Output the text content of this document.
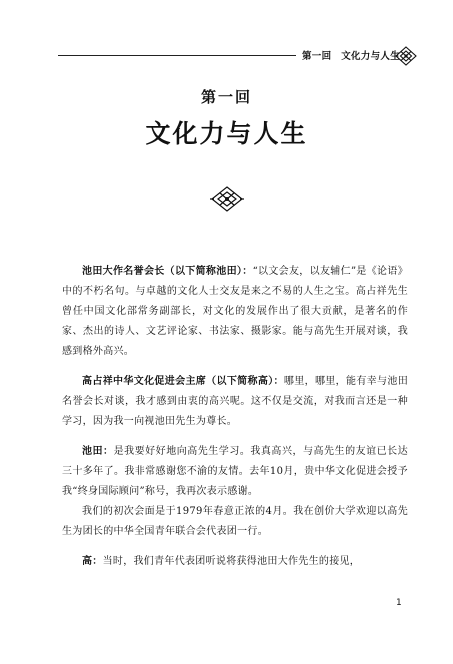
第一回　文化力与人生
第一回
文化力与人生

池田大作名誉会长（以下简称池田）：“以文会友，以友辅仁”是《论语》中的不朽名句。与卓越的文化人士交友是来之不易的人生之宝。高占祥先生曾任中国文化部常务副部长，对文化的发展作出了很大贡献，是著名的作家、杰出的诗人、文艺评论家、书法家、摄影家。能与高先生开展对谈，我感到格外高兴。

高占祥中华文化促进会主席（以下简称高）：哪里，哪里，能有幸与池田名誉会长对谈，我才感到由衷的高兴呢。这不仅是交流，对我而言还是一种学习，因为我一向视池田先生为尊长。

池田：是我要好好地向高先生学习。我真高兴，与高先生的友谊已长达三十多年了。我非常感谢您不渝的友情。去年10月，贵中华文化促进会授予我“终身国际顾问”称号，我再次表示感谢。

我们的初次会面是于1979年春意正浓的4月。我在创价大学欢迎以高先生为团长的中华全国青年联合会代表团一行。

高：当时，我们青年代表团听说将获得池田大作先生的接见，

1
